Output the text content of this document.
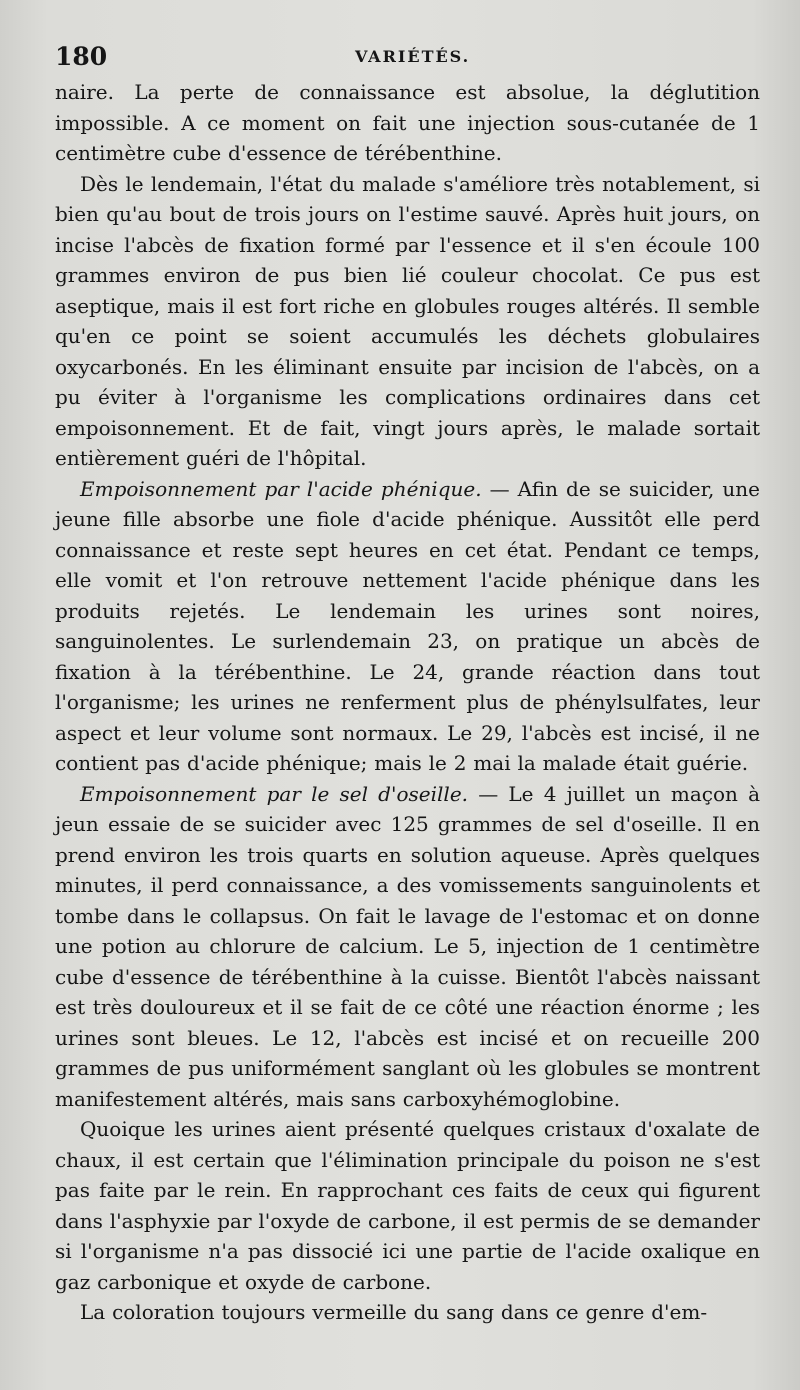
180	VARIÉTÉS.

naire. La perte de connaissance est absolue, la déglutition impossible. A ce moment on fait une injection sous-cutanée de 1 centimètre cube d'essence de térébenthine.

Dès le lendemain, l'état du malade s'améliore très notablement, si bien qu'au bout de trois jours on l'estime sauvé. Après huit jours, on incise l'abcès de fixation formé par l'essence et il s'en écoule 100 grammes environ de pus bien lié couleur chocolat. Ce pus est aseptique, mais il est fort riche en globules rouges altérés. Il semble qu'en ce point se soient accumulés les déchets globulaires oxycarbonés. En les éliminant ensuite par incision de l'abcès, on a pu éviter à l'organisme les complications ordinaires dans cet empoisonnement. Et de fait, vingt jours après, le malade sortait entièrement guéri de l'hôpital.

Empoisonnement par l'acide phénique. — Afin de se suicider, une jeune fille absorbe une fiole d'acide phénique. Aussitôt elle perd connaissance et reste sept heures en cet état. Pendant ce temps, elle vomit et l'on retrouve nettement l'acide phénique dans les produits rejetés. Le lendemain les urines sont noires, sanguinolentes. Le surlendemain 23, on pratique un abcès de fixation à la térébenthine. Le 24, grande réaction dans tout l'organisme; les urines ne renferment plus de phénylsulfates, leur aspect et leur volume sont normaux. Le 29, l'abcès est incisé, il ne contient pas d'acide phénique; mais le 2 mai la malade était guérie.

Empoisonnement par le sel d'oseille. — Le 4 juillet un maçon à jeun essaie de se suicider avec 125 grammes de sel d'oseille. Il en prend environ les trois quarts en solution aqueuse. Après quelques minutes, il perd connaissance, a des vomissements sanguinolents et tombe dans le collapsus. On fait le lavage de l'estomac et on donne une potion au chlorure de calcium. Le 5, injection de 1 centimètre cube d'essence de térébenthine à la cuisse. Bientôt l'abcès naissant est très douloureux et il se fait de ce côté une réaction énorme ; les urines sont bleues. Le 12, l'abcès est incisé et on recueille 200 grammes de pus uniformément sanglant où les globules se montrent manifestement altérés, mais sans carboxyhémoglobine.

Quoique les urines aient présenté quelques cristaux d'oxalate de chaux, il est certain que l'élimination principale du poison ne s'est pas faite par le rein. En rapprochant ces faits de ceux qui figurent dans l'asphyxie par l'oxyde de carbone, il est permis de se demander si l'organisme n'a pas dissocié ici une partie de l'acide oxalique en gaz carbonique et oxyde de carbone.

La coloration toujours vermeille du sang dans ce genre d'em-
